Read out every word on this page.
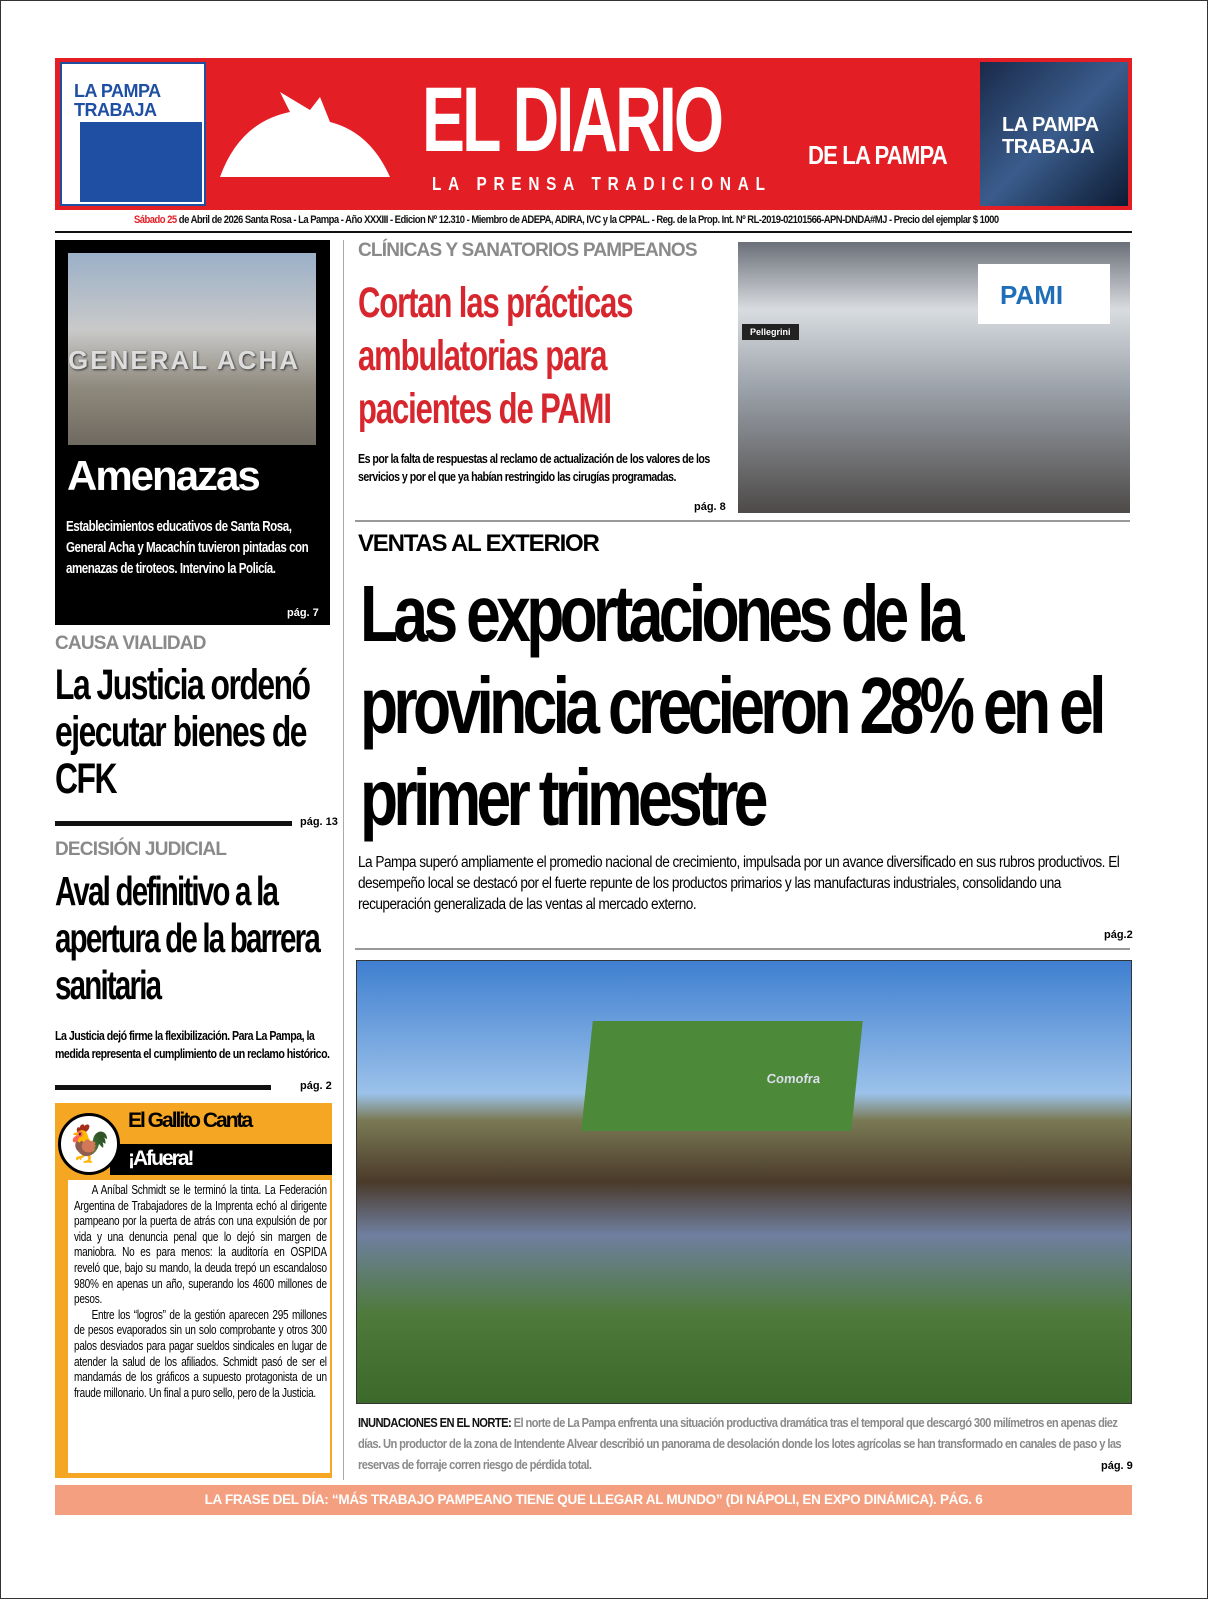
LA PAMPA TRABAJA	EL DIARIO	DE LA PAMPA
LA PRENSA TRADICIONAL
LA PAMPA TRABAJA
Sábado 25 de Abril de 2026 Santa Rosa - La Pampa - Año XXXIII - Edicion Nº 12.310 - Miembro de ADEPA, ADIRA, IVC y la CPPAL. - Reg. de la Prop. Int. Nº RL-2019-02101566-APN-DNDA#MJ - Precio del ejemplar $ 1000
GENERAL ACHA
Amenazas
Establecimientos educativos de Santa Rosa, General Acha y Macachín tuvieron pintadas con amenazas de tiroteos. Intervino la Policía.
pág. 7
CAUSA VIALIDAD
La Justicia ordenó ejecutar bienes de CFK
pág. 13
DECISIÓN JUDICIAL
Aval definitivo a la apertura de la barrera sanitaria
La Justicia dejó firme la flexibilización. Para La Pampa, la medida representa el cumplimiento de un reclamo histórico.
pág. 2
El Gallito Canta
¡Afuera!
🐓

A Aníbal Schmidt se le terminó la tinta. La Federación Argentina de Trabajadores de la Imprenta echó al dirigente pampeano por la puerta de atrás con una expulsión de por vida y una denuncia penal que lo dejó sin margen de maniobra. No es para menos: la auditoría en OSPIDA reveló que, bajo su mando, la deuda trepó un escandaloso 980% en apenas un año, superando los 4600 millones de pesos.

Entre los “logros” de la gestión aparecen 295 millones de pesos evaporados sin un solo comprobante y otros 300 palos desviados para pagar sueldos sindicales en lugar de atender la salud de los afiliados. Schmidt pasó de ser el mandamás de los gráficos a supuesto protagonista de un fraude millonario. Un final a puro sello, pero de la Justicia.

CLÍNICAS Y SANATORIOS PAMPEANOS
Cortan las prácticas ambulatorias para pacientes de PAMI
Es por la falta de respuestas al reclamo de actualización de los valores de los servicios y por el que ya habían restringido las cirugías programadas.
pág. 8
PAMI
Pellegrini
VENTAS AL EXTERIOR
Las exportaciones de la provincia crecieron 28% en el primer trimestre
La Pampa superó ampliamente el promedio nacional de crecimiento, impulsada por un avance diversificado en sus rubros productivos. El desempeño local se destacó por el fuerte repunte de los productos primarios y las manufacturas industriales, consolidando una recuperación generalizada de las ventas al mercado externo.
pág.2
Comofra
INUNDACIONES EN EL NORTE: El norte de La Pampa enfrenta una situación productiva dramática tras el temporal que descargó 300 milímetros en apenas diez días. Un productor de la zona de Intendente Alvear describió un panorama de desolación donde los lotes agrícolas se han transformado en canales de paso y las reservas de forraje corren riesgo de pérdida total.	pág. 9
LA FRASE DEL DÍA: “MÁS TRABAJO PAMPEANO TIENE QUE LLEGAR AL MUNDO” (DI NÁPOLI, EN EXPO DINÁMICA). PÁG. 6
